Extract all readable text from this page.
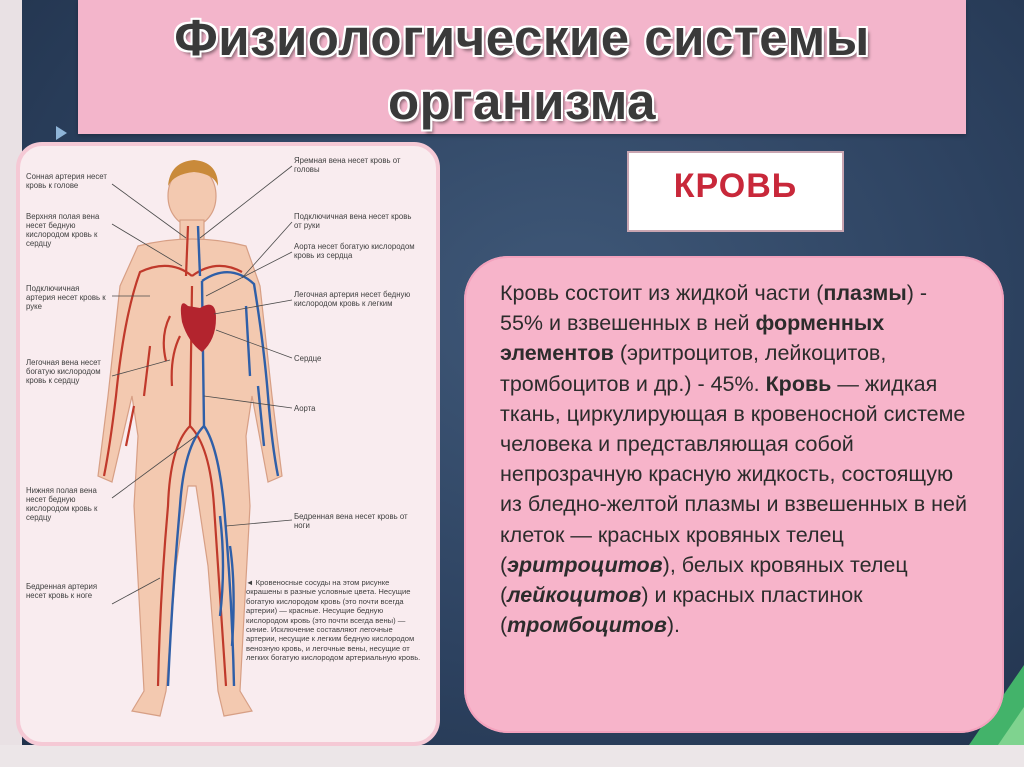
Физиологические системы
организма
Сонная артерия несет кровь к голове
Верхняя полая вена несет бедную кислородом кровь к сердцу
Подключичная артерия несет кровь к руке
Легочная вена несет богатую кислородом кровь к сердцу
Нижняя полая вена несет бедную кислородом кровь к сердцу
Бедренная артерия несет кровь к ноге
Яремная вена несет кровь от головы
Подключичная вена несет кровь от руки
Аорта несет богатую кислородом кровь из сердца
Легочная артерия несет бедную кислородом кровь к легким
Сердце
Аорта
Бедренная вена несет кровь от ноги
◄ Кровеносные сосуды на этом рисунке окрашены в разные условные цвета. Несущие богатую кислородом кровь (это почти всегда артерии) — красные. Несущие бедную кислородом кровь (это почти всегда вены) — синие. Исключение составляют легочные артерии, несущие к легким бедную кислородом венозную кровь, и легочные вены, несущие от легких богатую кислородом артериальную кровь.
КРОВЬ
Кровь состоит из жидкой части (плазмы) - 55% и взвешенных в ней форменных элементов (эритроцитов, лейкоцитов, тромбоцитов и др.) - 45%. Кровь — жидкая ткань, циркулирующая в кровеносной системе человека и представляющая собой непрозрачную красную жидкость, состоящую из бледно-желтой плазмы и взвешенных в ней клеток — красных кровяных телец (эритроцитов), белых кровяных телец (лейкоцитов) и красных пластинок (тромбоцитов).
